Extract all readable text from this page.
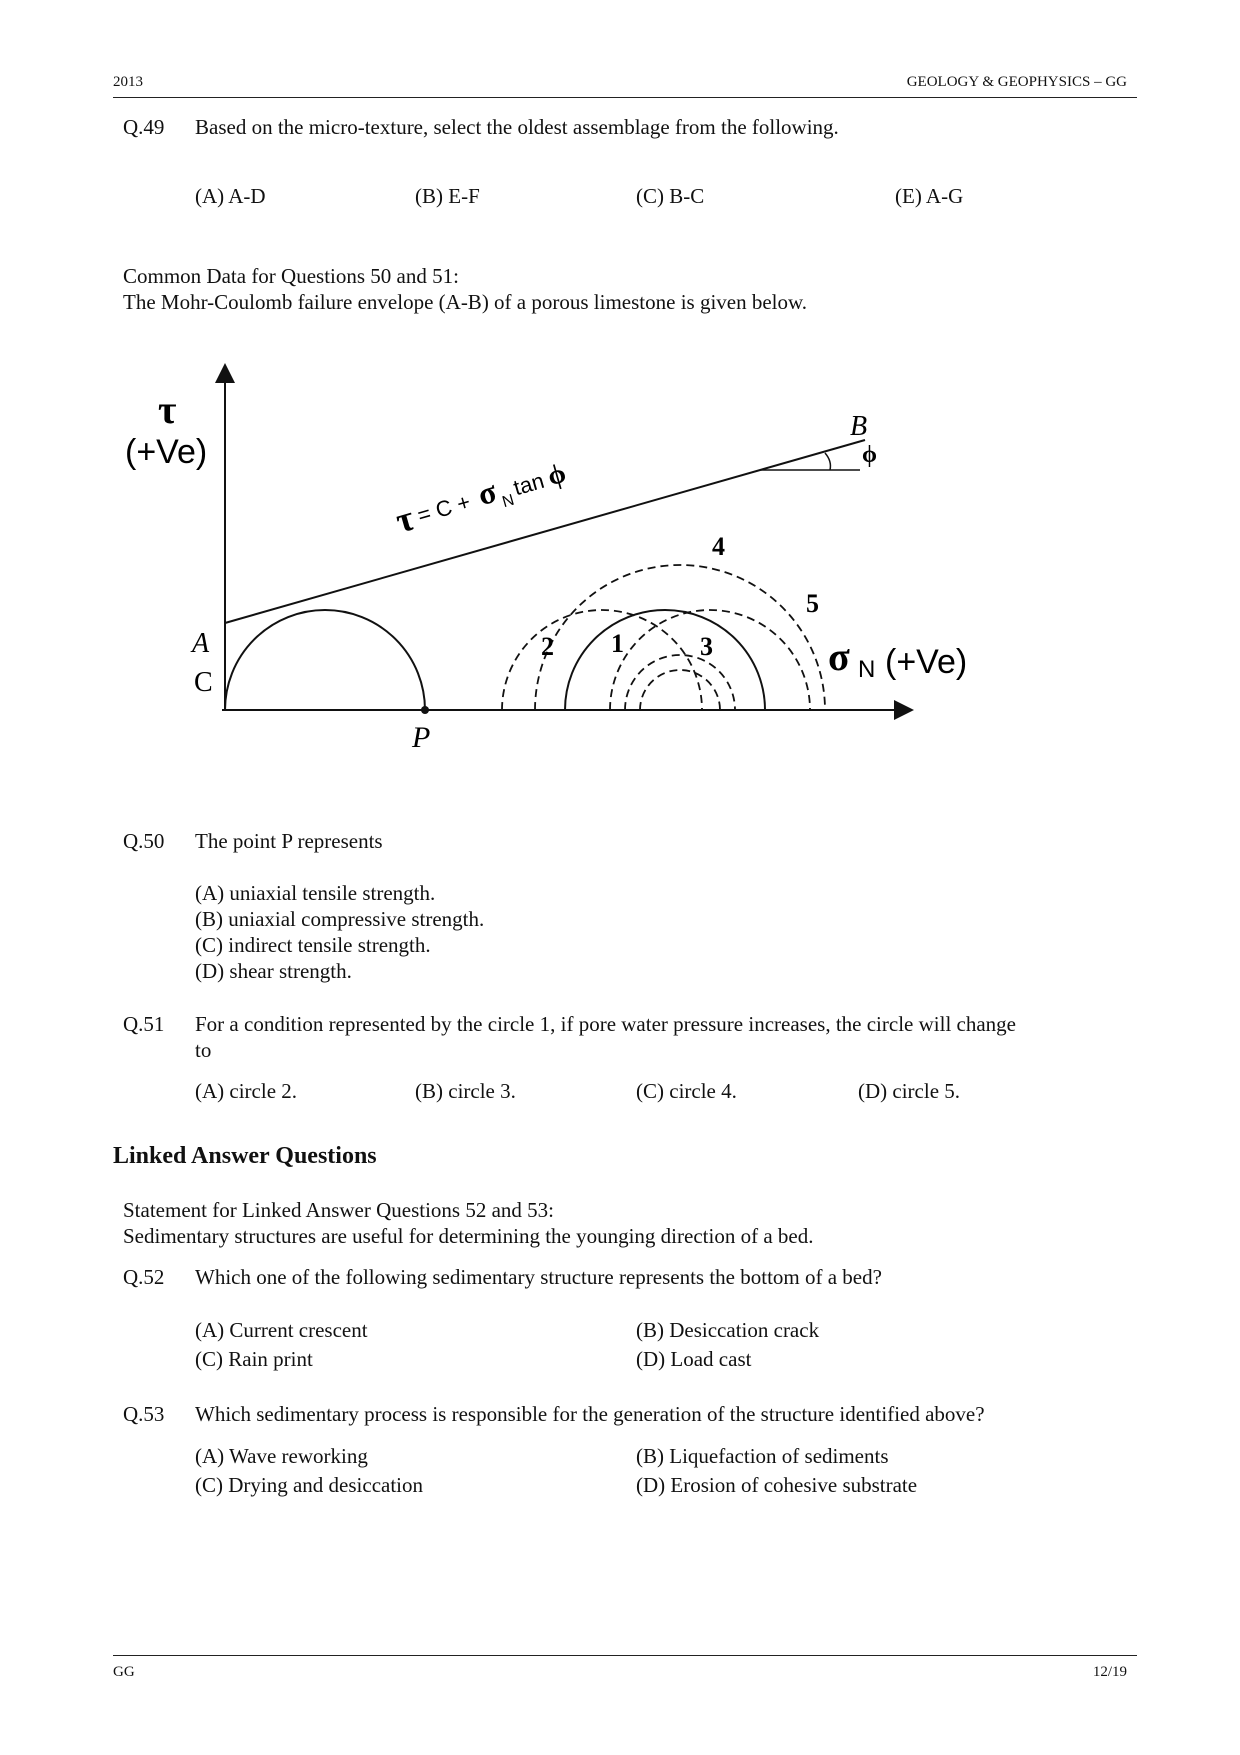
2013	GEOLOGY & GEOPHYSICS – GG
Q.49 Based on the micro-texture, select the oldest assemblage from the following.
(A) A-D	(B) E-F	(C) B-C	(E) A-G
Common Data for Questions 50 and 51:
The Mohr-Coulomb failure envelope (A-B) of a porous limestone is given below.
τ
(+Ve)
σ N (+Ve)
τ
= C + σ N
tan
ϕ
A
C
P
B
ϕ
1
2	3
4
5
Q.50 The point P represents
(A) uniaxial tensile strength.
(B) uniaxial compressive strength.
(C) indirect tensile strength.
(D) shear strength.
Q.51 For a condition represented by the circle 1, if pore water pressure increases, the circle will change
to
(A) circle 2.	(B) circle 3.	(C) circle 4.	(D) circle 5.
Linked Answer Questions
Statement for Linked Answer Questions 52 and 53:
Sedimentary structures are useful for determining the younging direction of a bed.
Q.52 Which one of the following sedimentary structure represents the bottom of a bed?
(A) Current crescent	(B) Desiccation crack
(C) Rain print	(D) Load cast
Q.53 Which sedimentary process is responsible for the generation of the structure identified above?
(A) Wave reworking	(B) Liquefaction of sediments
(C) Drying and desiccation	(D) Erosion of cohesive substrate
GG	12/19
